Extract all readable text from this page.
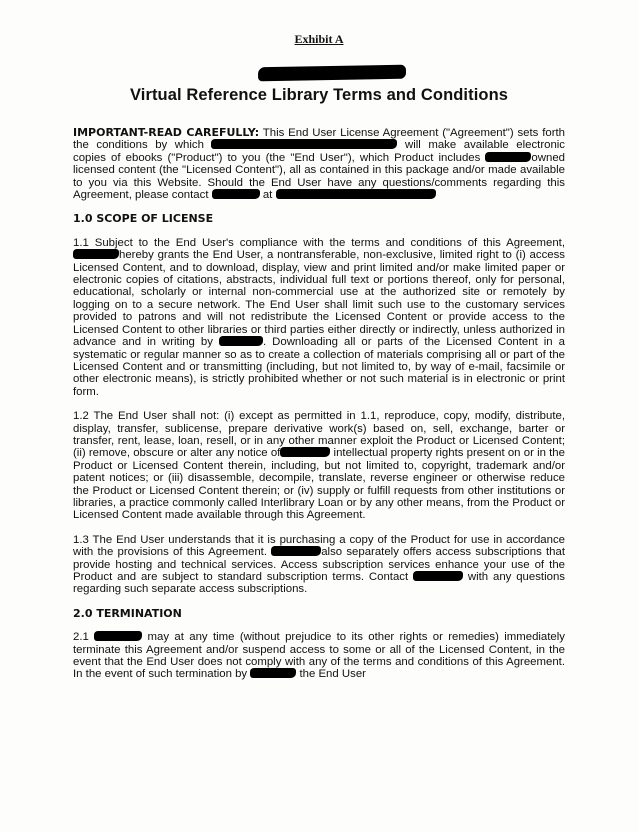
Exhibit A
Virtual Reference Library Terms and Conditions

IMPORTANT-READ CAREFULLY: This End User License Agreement ("Agreement") sets forth the conditions by which	will make available electronic copies of ebooks ("Product") to you (the "End User"), which Product includes	owned licensed content (the "Licensed Content"), all as contained in this package and/or made available to you via this Website. Should the End User have any questions/comments regarding this Agreement, please contact	at

1.0 SCOPE OF LICENSE

1.1 Subject to the End User's compliance with the terms and conditions of this Agreement, hereby grants the End User, a nontransferable, non-exclusive, limited right to (i) access Licensed Content, and to download, display, view and print limited and/or make limited paper or electronic copies of citations, abstracts, individual full text or portions thereof, only for personal, educational, scholarly or internal non-commercial use at the authorized site or remotely by logging on to a secure network. The End User shall limit such use to the customary services provided to patrons and will not redistribute the Licensed Content or provide access to the Licensed Content to other libraries or third parties either directly or indirectly, unless authorized in advance and in writing by	. Downloading all or parts of the Licensed Content in a systematic or regular manner so as to create a collection of materials comprising all or part of the Licensed Content and or transmitting (including, but not limited to, by way of e-mail, facsimile or other electronic means), is strictly prohibited whether or not such material is in electronic or print form.

1.2 The End User shall not: (i) except as permitted in 1.1, reproduce, copy, modify, distribute, display, transfer, sublicense, prepare derivative work(s) based on, sell, exchange, barter or transfer, rent, lease, loan, resell, or in any other manner exploit the Product or Licensed Content; (ii) remove, obscure or alter any notice of	intellectual property rights present on or in the Product or Licensed Content therein, including, but not limited to, copyright, trademark and/or patent notices; or (iii) disassemble, decompile, translate, reverse engineer or otherwise reduce the Product or Licensed Content therein; or (iv) supply or fulfill requests from other institutions or libraries, a practice commonly called Interlibrary Loan or by any other means, from the Product or Licensed Content made available through this Agreement.

1.3 The End User understands that it is purchasing a copy of the Product for use in accordance with the provisions of this Agreement.	also separately offers access subscriptions that provide hosting and technical services. Access subscription services enhance your use of the Product and are subject to standard subscription terms. Contact	with any questions regarding such separate access subscriptions.

2.0 TERMINATION

2.1	may at any time (without prejudice to its other rights or remedies) immediately terminate this Agreement and/or suspend access to some or all of the Licensed Content, in the event that the End User does not comply with any of the terms and conditions of this Agreement. In the event of such termination by	the End User
